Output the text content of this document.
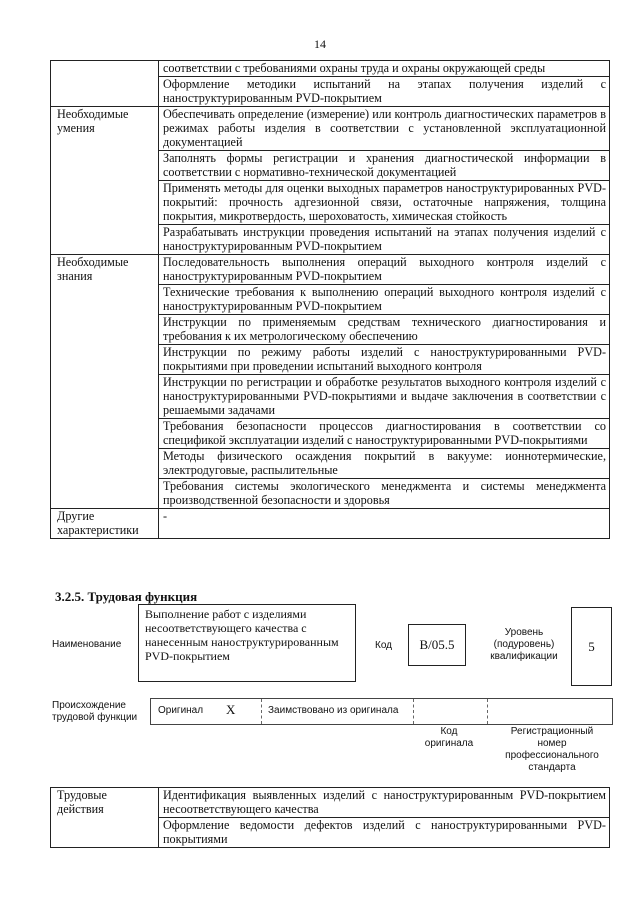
14
	соответствии с требованиями охраны труда и охраны окружающей среды
	Оформление методики испытаний на этапах получения изделий с наноструктурированным PVD-покрытием
Необходимые умения	Обеспечивать определение (измерение) или контроль диагностических параметров в режимах работы изделия в соответствии с установленной эксплуатационной документацией
	Заполнять формы регистрации и хранения диагностической информации в соответствии с нормативно-технической документацией
	Применять методы для оценки выходных параметров наноструктурированных PVD-покрытий: прочность адгезионной связи, остаточные напряжения, толщина покрытия, микротвердость, шероховатость, химическая стойкость
	Разрабатывать инструкции проведения испытаний на этапах получения изделий с наноструктурированным PVD-покрытием
Необходимые знания	Последовательность выполнения операций выходного контроля изделий с наноструктурированным PVD-покрытием
	Технические требования к выполнению операций выходного контроля изделий с наноструктурированным PVD-покрытием
	Инструкции по применяемым средствам технического диагностирования и требования к их метрологическому обеспечению
	Инструкции по режиму работы изделий с наноструктурированными PVD-покрытиями при проведении испытаний выходного контроля
	Инструкции по регистрации и обработке результатов выходного контроля изделий с наноструктурированными PVD-покрытиями и выдаче заключения в соответствии с решаемыми задачами
	Требования безопасности процессов диагностирования в соответствии со спецификой эксплуатации изделий с наноструктурированными PVD-покрытиями
	Методы физического осаждения покрытий в вакууме: ионнотермические, электродуговые, распылительные
	Требования системы экологического менеджмента и системы менеджмента производственной безопасности и здоровья
Другие характеристики	-
3.2.5. Трудовая функция
Наименование
Выполнение работ с изделиями несоответствующего качества с нанесенным наноструктурированным PVD-покрытием
Код	B/05.5
Уровень (подуровень) квалификации
5
Происхождение трудовой функции
Оригинал X	Заимствовано из оригинала
Код оригинала
Регистрационный номер профессионального стандарта
Трудовые действия	Идентификация выявленных изделий с наноструктурированным PVD-покрытием несоответствующего качества
Оформление ведомости дефектов изделий с наноструктурированными PVD-покрытиями
